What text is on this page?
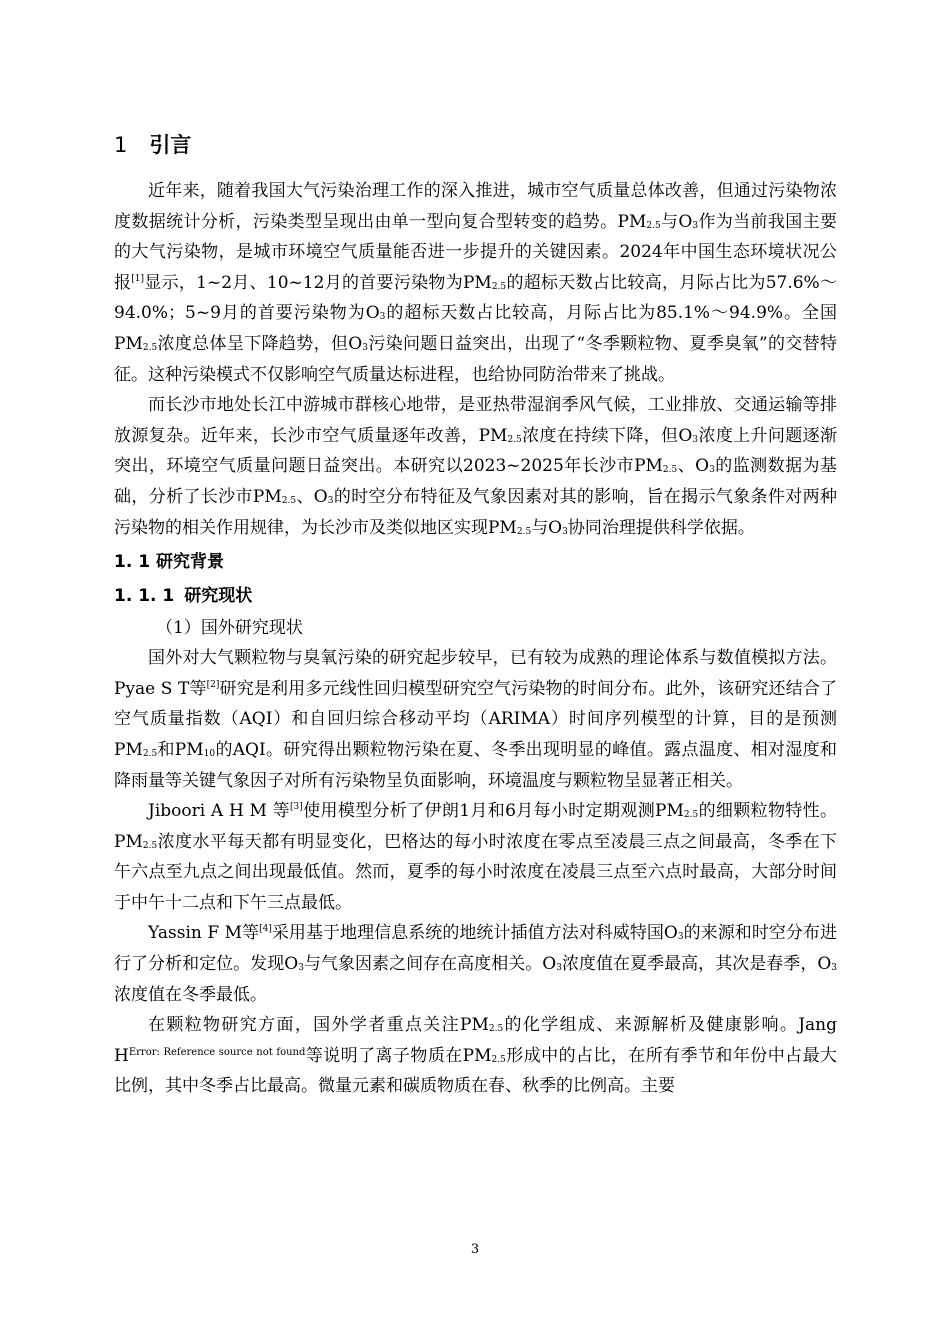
1 引言

近年来，随着我国大气污染治理工作的深入推进，城市空气质量总体改善，但通过污染物浓度数据统计分析，污染类型呈现出由单一型向复合型转变的趋势。$PM_{2.5}$与$O_3$作为当前我国主要的大气污染物，是城市环境空气质量能否进一步提升的关键因素。2024年中国生态环境状况公报[1]显示，1~2月、10~12月的首要污染物为$PM_{2.5}$的超标天数占比较高，月际占比为57.6%～94.0%；5~9月的首要污染物为$O_3$的超标天数占比较高，月际占比为85.1%～94.9%。全国$PM_{2.5}$浓度总体呈下降趋势，但$O_3$污染问题日益突出，出现了“冬季颗粒物、夏季臭氧”的交替特征。这种污染模式不仅影响空气质量达标进程，也给协同防治带来了挑战。

而长沙市地处长江中游城市群核心地带，是亚热带湿润季风气候，工业排放、交通运输等排放源复杂。近年来，长沙市空气质量逐年改善，$PM_{2.5}$浓度在持续下降，但$O_3$浓度上升问题逐渐突出，环境空气质量问题日益突出。本研究以2023~2025年长沙市$PM_{2.5}$、$O_3$的监测数据为基础，分析了长沙市$PM_{2.5}$、$O_3$的时空分布特征及气象因素对其的影响，旨在揭示气象条件对两种污染物的相关作用规律，为长沙市及类似地区实现$PM_{2.5}$与$O_3$协同治理提供科学依据。

1. 1 研究背景
1. 1. 1 研究现状
（1）国外研究现状

国外对大气颗粒物与臭氧污染的研究起步较早，已有较为成熟的理论体系与数值模拟方法。Pyae S T等[2]研究是利用多元线性回归模型研究空气污染物的时间分布。此外，该研究还结合了空气质量指数（AQI）和自回归综合移动平均（ARIMA）时间序列模型的计算，目的是预测$PM_{2.5}$和$PM_{10}$的AQI。研究得出颗粒物污染在夏、冬季出现明显的峰值。露点温度、相对湿度和降雨量等关键气象因子对所有污染物呈负面影响，环境温度与颗粒物呈显著正相关。

Jiboori A H M 等[3]使用模型分析了伊朗1月和6月每小时定期观测$PM_{2.5}$的细颗粒物特性。$PM_{2.5}$浓度水平每天都有明显变化，巴格达的每小时浓度在零点至凌晨三点之间最高，冬季在下午六点至九点之间出现最低值。然而，夏季的每小时浓度在凌晨三点至六点时最高，大部分时间于中午十二点和下午三点最低。

Yassin F M等[4]采用基于地理信息系统的地统计插值方法对科威特国$O_3$的来源和时空分布进行了分析和定位。发现$O_3$与气象因素之间存在高度相关。$O_3$浓度值在夏季最高，其次是春季，$O_3$浓度值在冬季最低。

在颗粒物研究方面，国外学者重点关注$PM_{2.5}$的化学组成、来源解析及健康影响。Jang H$^{Error: Reference source not found}$等说明了离子物质在$PM_{2.5}$形成中的占比，在所有季节和年份中占最大比例，其中冬季占比最高。微量元素和碳质物质在春、秋季的比例高。主要

3
